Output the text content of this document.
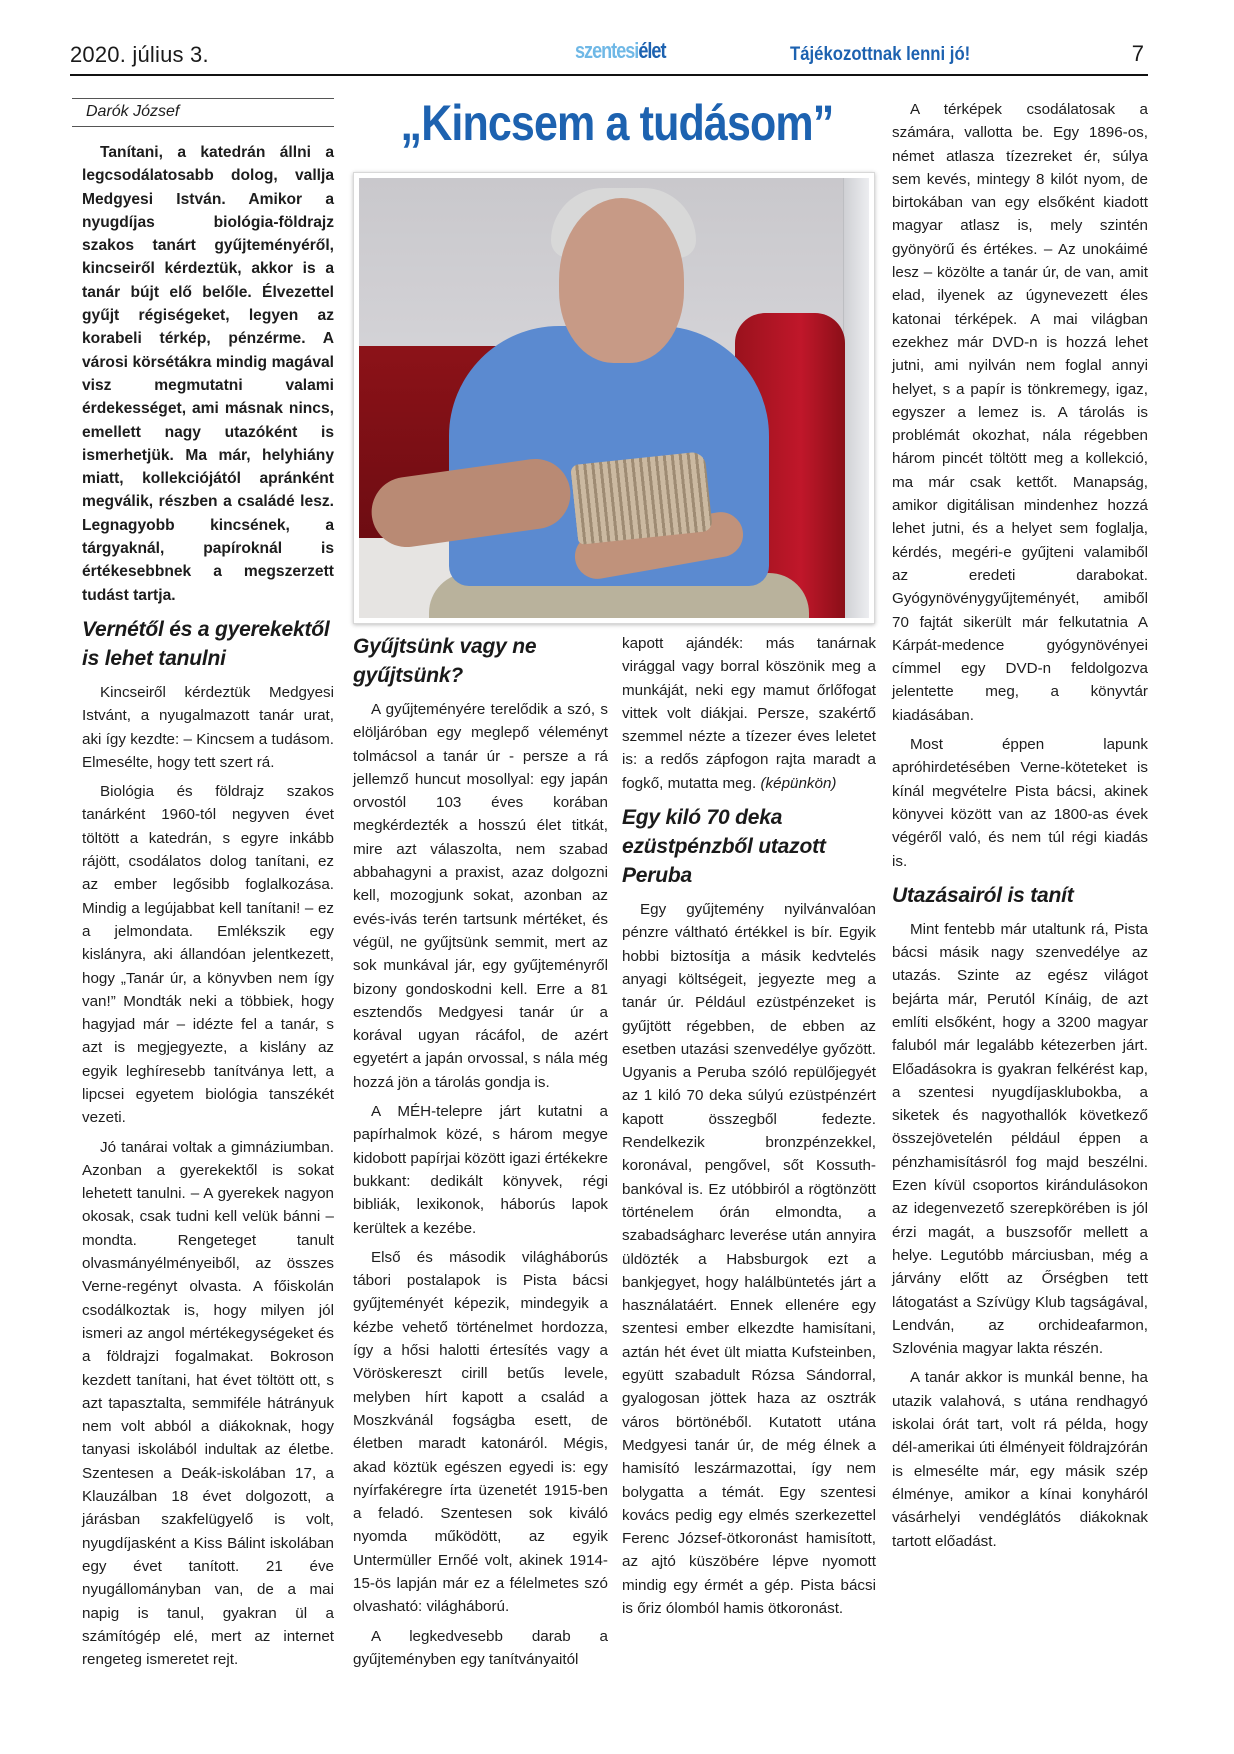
2020. július 3.	szentesiélet	Tájékozottnak lenni jó!	7
„Kincsem a tudásom”
Darók József

Tanítani, a katedrán állni a legcsodálatosabb dolog, vallja Medgyesi István. Amikor a nyugdíjas biológia-földrajz szakos tanárt gyűjteményéről, kincseiről kérdeztük, akkor is a tanár bújt elő belőle. Élvezettel gyűjt régiségeket, legyen az korabeli térkép, pénzérme. A városi körsétákra mindig magával visz megmutatni valami érdekességet, ami másnak nincs, emellett nagy utazóként is ismerhetjük. Ma már, helyhiány miatt, kollekciójától apránként megválik, részben a családé lesz. Legnagyobb kincsének, a tárgyaknál, papíroknál is értékesebbnek a megszerzett tudást tartja.

Vernétől és a gyerekektől is lehet tanulni

Kincseiről kérdeztük Medgyesi Istvánt, a nyugalmazott tanár urat, aki így kezdte: – Kincsem a tudásom. Elmesélte, hogy tett szert rá.

Biológia és földrajz szakos tanárként 1960-tól negyven évet töltött a katedrán, s egyre inkább rájött, csodálatos dolog tanítani, ez az ember legősibb foglalkozása. Mindig a legújabbat kell tanítani! – ez a jelmondata. Emlékszik egy kislányra, aki állandóan jelentkezett, hogy „Tanár úr, a könyvben nem így van!” Mondták neki a többiek, hogy hagyjad már – idézte fel a tanár, s azt is megjegyezte, a kislány az egyik leghíresebb tanítványa lett, a lipcsei egyetem biológia tanszékét vezeti.

Jó tanárai voltak a gimnáziumban. Azonban a gyerekektől is sokat lehetett tanulni. – A gyerekek nagyon okosak, csak tudni kell velük bánni – mondta. Rengeteget tanult olvasmányélményeiből, az összes Verne-regényt olvasta. A főiskolán csodálkoztak is, hogy milyen jól ismeri az angol mértékegységeket és a földrajzi fogalmakat. Bokroson kezdett tanítani, hat évet töltött ott, s azt tapasztalta, semmiféle hátrányuk nem volt abból a diákoknak, hogy tanyasi iskolából indultak az életbe. Szentesen a Deák-iskolában 17, a Klauzálban 18 évet dolgozott, a járásban szakfelügyelő is volt, nyugdíjasként a Kiss Bálint iskolában egy évet tanított. 21 éve nyugállományban van, de a mai napig is tanul, gyakran ül a számítógép elé, mert az internet rengeteg ismeretet rejt.

Gyűjtsünk vagy ne gyűjtsünk?

A gyűjteményére terelődik a szó, s elöljáróban egy meglepő véleményt tolmácsol a tanár úr - persze a rá jellemző huncut mosollyal: egy japán orvostól 103 éves korában megkérdezték a hosszú élet titkát, mire azt válaszolta, nem szabad abbahagyni a praxist, azaz dolgozni kell, mozogjunk sokat, azonban az evés-ivás terén tartsunk mértéket, és végül, ne gyűjtsünk semmit, mert az sok munkával jár, egy gyűjteményről bizony gondoskodni kell. Erre a 81 esztendős Medgyesi tanár úr a korával ugyan rácáfol, de azért egyetért a japán orvossal, s nála még hozzá jön a tárolás gondja is.

A MÉH-telepre járt kutatni a papírhalmok közé, s három megye kidobott papírjai között igazi értékekre bukkant: dedikált könyvek, régi bibliák, lexikonok, háborús lapok kerültek a kezébe.

Első és második világháborús tábori postalapok is Pista bácsi gyűjteményét képezik, mindegyik a kézbe vehető történelmet hordozza, így a hősi halotti értesítés vagy a Vöröskereszt cirill betűs levele, melyben hírt kapott a család a Moszkvánál fogságba esett, de életben maradt katonáról. Mégis, akad köztük egészen egyedi is: egy nyírfakéregre írta üzenetét 1915-ben a feladó. Szentesen sok kiváló nyomda működött, az egyik Untermüller Ernőé volt, akinek 1914-15-ös lapján már ez a félelmetes szó olvasható: világháború.

A legkedvesebb darab a gyűjteményben egy tanítványaitól

kapott ajándék: más tanárnak virággal vagy borral köszönik meg a munkáját, neki egy mamut őrlőfogat vittek volt diákjai. Persze, szakértő szemmel nézte a tízezer éves leletet is: a redős zápfogon rajta maradt a fogkő, mutatta meg. (képünkön)

Egy kiló 70 deka ezüstpénzből utazott Peruba

Egy gyűjtemény nyilvánvalóan pénzre váltható értékkel is bír. Egyik hobbi biztosítja a másik kedvtelés anyagi költségeit, jegyezte meg a tanár úr. Például ezüstpénzeket is gyűjtött régebben, de ebben az esetben utazási szenvedélye győzött. Ugyanis a Peruba szóló repülőjegyét az 1 kiló 70 deka súlyú ezüstpénzért kapott összegből fedezte. Rendelkezik bronzpénzekkel, koronával, pengővel, sőt Kossuth-bankóval is. Ez utóbbiról a rögtönzött történelem órán elmondta, a szabadságharc leverése után annyira üldözték a Habsburgok ezt a bankjegyet, hogy halálbüntetés járt a használatáért. Ennek ellenére egy szentesi ember elkezdte hamisítani, aztán hét évet ült miatta Kufsteinben, együtt szabadult Rózsa Sándorral, gyalogosan jöttek haza az osztrák város börtönéből. Kutatott utána Medgyesi tanár úr, de még élnek a hamisító leszármazottai, így nem bolygatta a témát. Egy szentesi kovács pedig egy elmés szerkezettel Ferenc József-ötkoronást hamisított, az ajtó küszöbére lépve nyomott mindig egy érmét a gép. Pista bácsi is őriz ólomból hamis ötkoronást.

A térképek csodálatosak a számára, vallotta be. Egy 1896-os, német atlasza tízezreket ér, súlya sem kevés, mintegy 8 kilót nyom, de birtokában van egy elsőként kiadott magyar atlasz is, mely szintén gyönyörű és értékes. – Az unokáimé lesz – közölte a tanár úr, de van, amit elad, ilyenek az úgynevezett éles katonai térképek. A mai világban ezekhez már DVD-n is hozzá lehet jutni, ami nyilván nem foglal annyi helyet, s a papír is tönkremegy, igaz, egyszer a lemez is. A tárolás is problémát okozhat, nála régebben három pincét töltött meg a kollekció, ma már csak kettőt. Manapság, amikor digitálisan mindenhez hozzá lehet jutni, és a helyet sem foglalja, kérdés, megéri-e gyűjteni valamiből az eredeti darabokat. Gyógynövénygyűjteményét, amiből 70 fajtát sikerült már felkutatnia A Kárpát-medence gyógynövényei címmel egy DVD-n feldolgozva jelentette meg, a könyvtár kiadásában.

Most éppen lapunk apróhirdetésében Verne-köteteket is kínál megvételre Pista bácsi, akinek könyvei között van az 1800-as évek végéről való, és nem túl régi kiadás is.

Utazásairól is tanít

Mint fentebb már utaltunk rá, Pista bácsi másik nagy szenvedélye az utazás. Szinte az egész világot bejárta már, Perutól Kínáig, de azt említi elsőként, hogy a 3200 magyar faluból már legalább kétezerben járt. Előadásokra is gyakran felkérést kap, a szentesi nyugdíjasklubokba, a siketek és nagyothallók következő összejövetelén például éppen a pénzhamisításról fog majd beszélni. Ezen kívül csoportos kirándulásokon az idegenvezető szerepkörében is jól érzi magát, a buszsofőr mellett a helye. Legutóbb márciusban, még a járvány előtt az Őrségben tett látogatást a Szívügy Klub tagságával, Lendván, az orchideafarmon, Szlovénia magyar lakta részén.

A tanár akkor is munkál benne, ha utazik valahová, s utána rendhagyó iskolai órát tart, volt rá példa, hogy dél-amerikai úti élményeit földrajzórán is elmesélte már, egy másik szép élménye, amikor a kínai konyháról vásárhelyi vendéglátós diákoknak tartott előadást.
